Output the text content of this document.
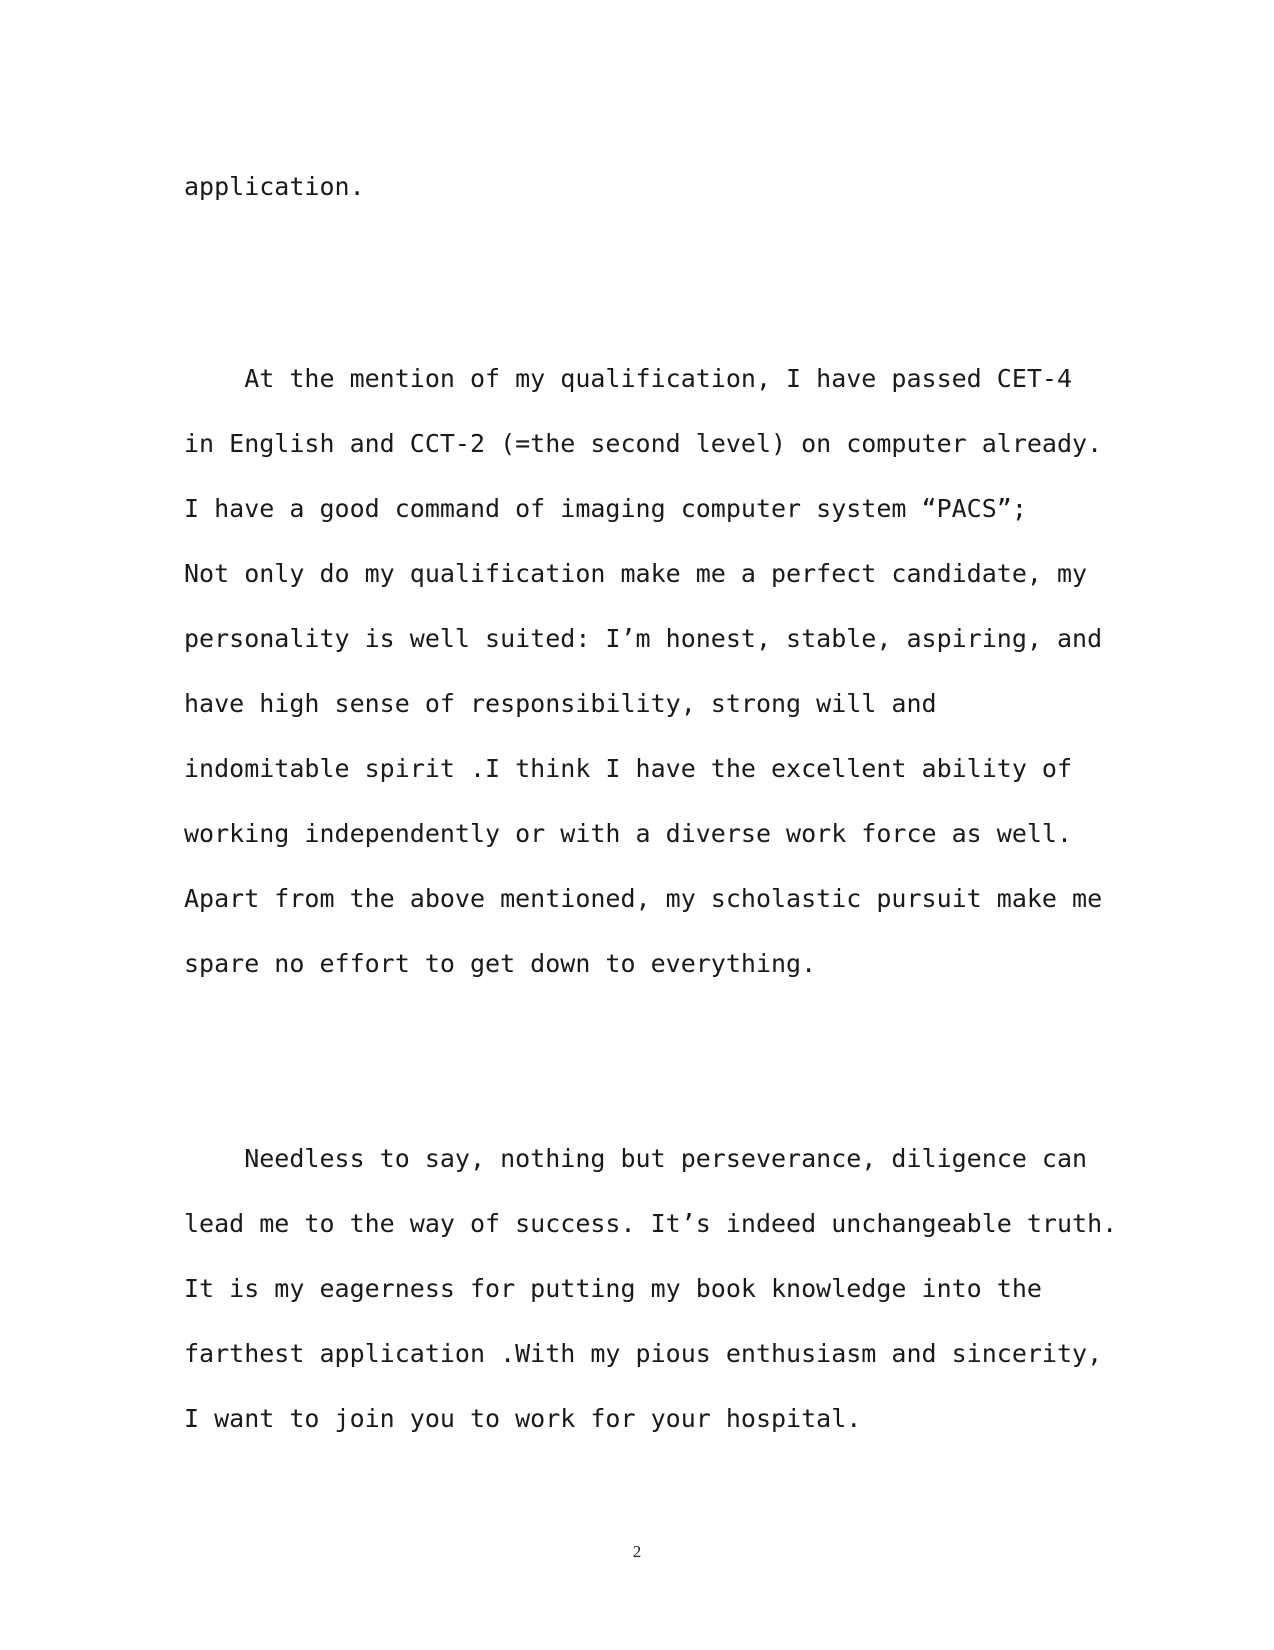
application.

At the mention of my qualification, I have passed CET-4

in English and CCT-2 (=the second level) on computer already.

I have a good command of imaging computer system “PACS”;

Not only do my qualification make me a perfect candidate, my

personality is well suited: I’m honest, stable, aspiring, and

have high sense of responsibility, strong will and

indomitable spirit .I think I have the excellent ability of

working independently or with a diverse work force as well.

Apart from the above mentioned, my scholastic pursuit make me

spare no effort to get down to everything.

Needless to say, nothing but perseverance, diligence can

lead me to the way of success. It’s indeed unchangeable truth.

It is my eagerness for putting my book knowledge into the

farthest application .With my pious enthusiasm and sincerity,

I want to join you to work for your hospital.

2
